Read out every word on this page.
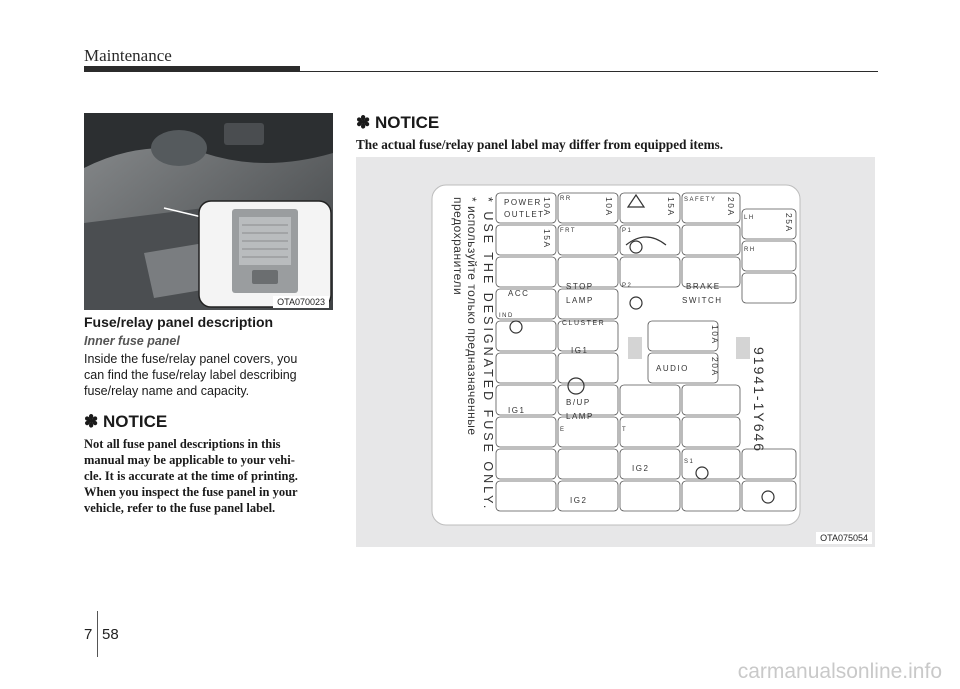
Maintenance
OTA070023
Fuse/relay panel description
Inner fuse panel
Inside the fuse/relay panel covers, you
can find the fuse/relay label describing
fuse/relay name and capacity.
✽ NOTICE
Not all fuse panel descriptions in this
manual may be applicable to your vehi-
cle. It is accurate at the time of printing.
When you inspect the fuse panel in your
vehicle, refer to the fuse panel label.
✽ NOTICE
The actual fuse/relay panel label may differ from equipped items.
* USE THE DESIGNATED FUSE ONLY.
* используйте только предназначенные
предохранители	POWER
OUTLET
ACC
IND
STOP
LAMP
CLUSTER
IG1
IG1
B/UP
LAMP
IG2
IG2
BRAKE
SWITCH
AUDIO
SAFETY
RR
FRT	P1
P2
LH
RH
E	T
S1
10A
15A
10A	15A	20A
25A
10A
20A 91941-1Y646
OTA075054
7 58
carmanualsonline.info
